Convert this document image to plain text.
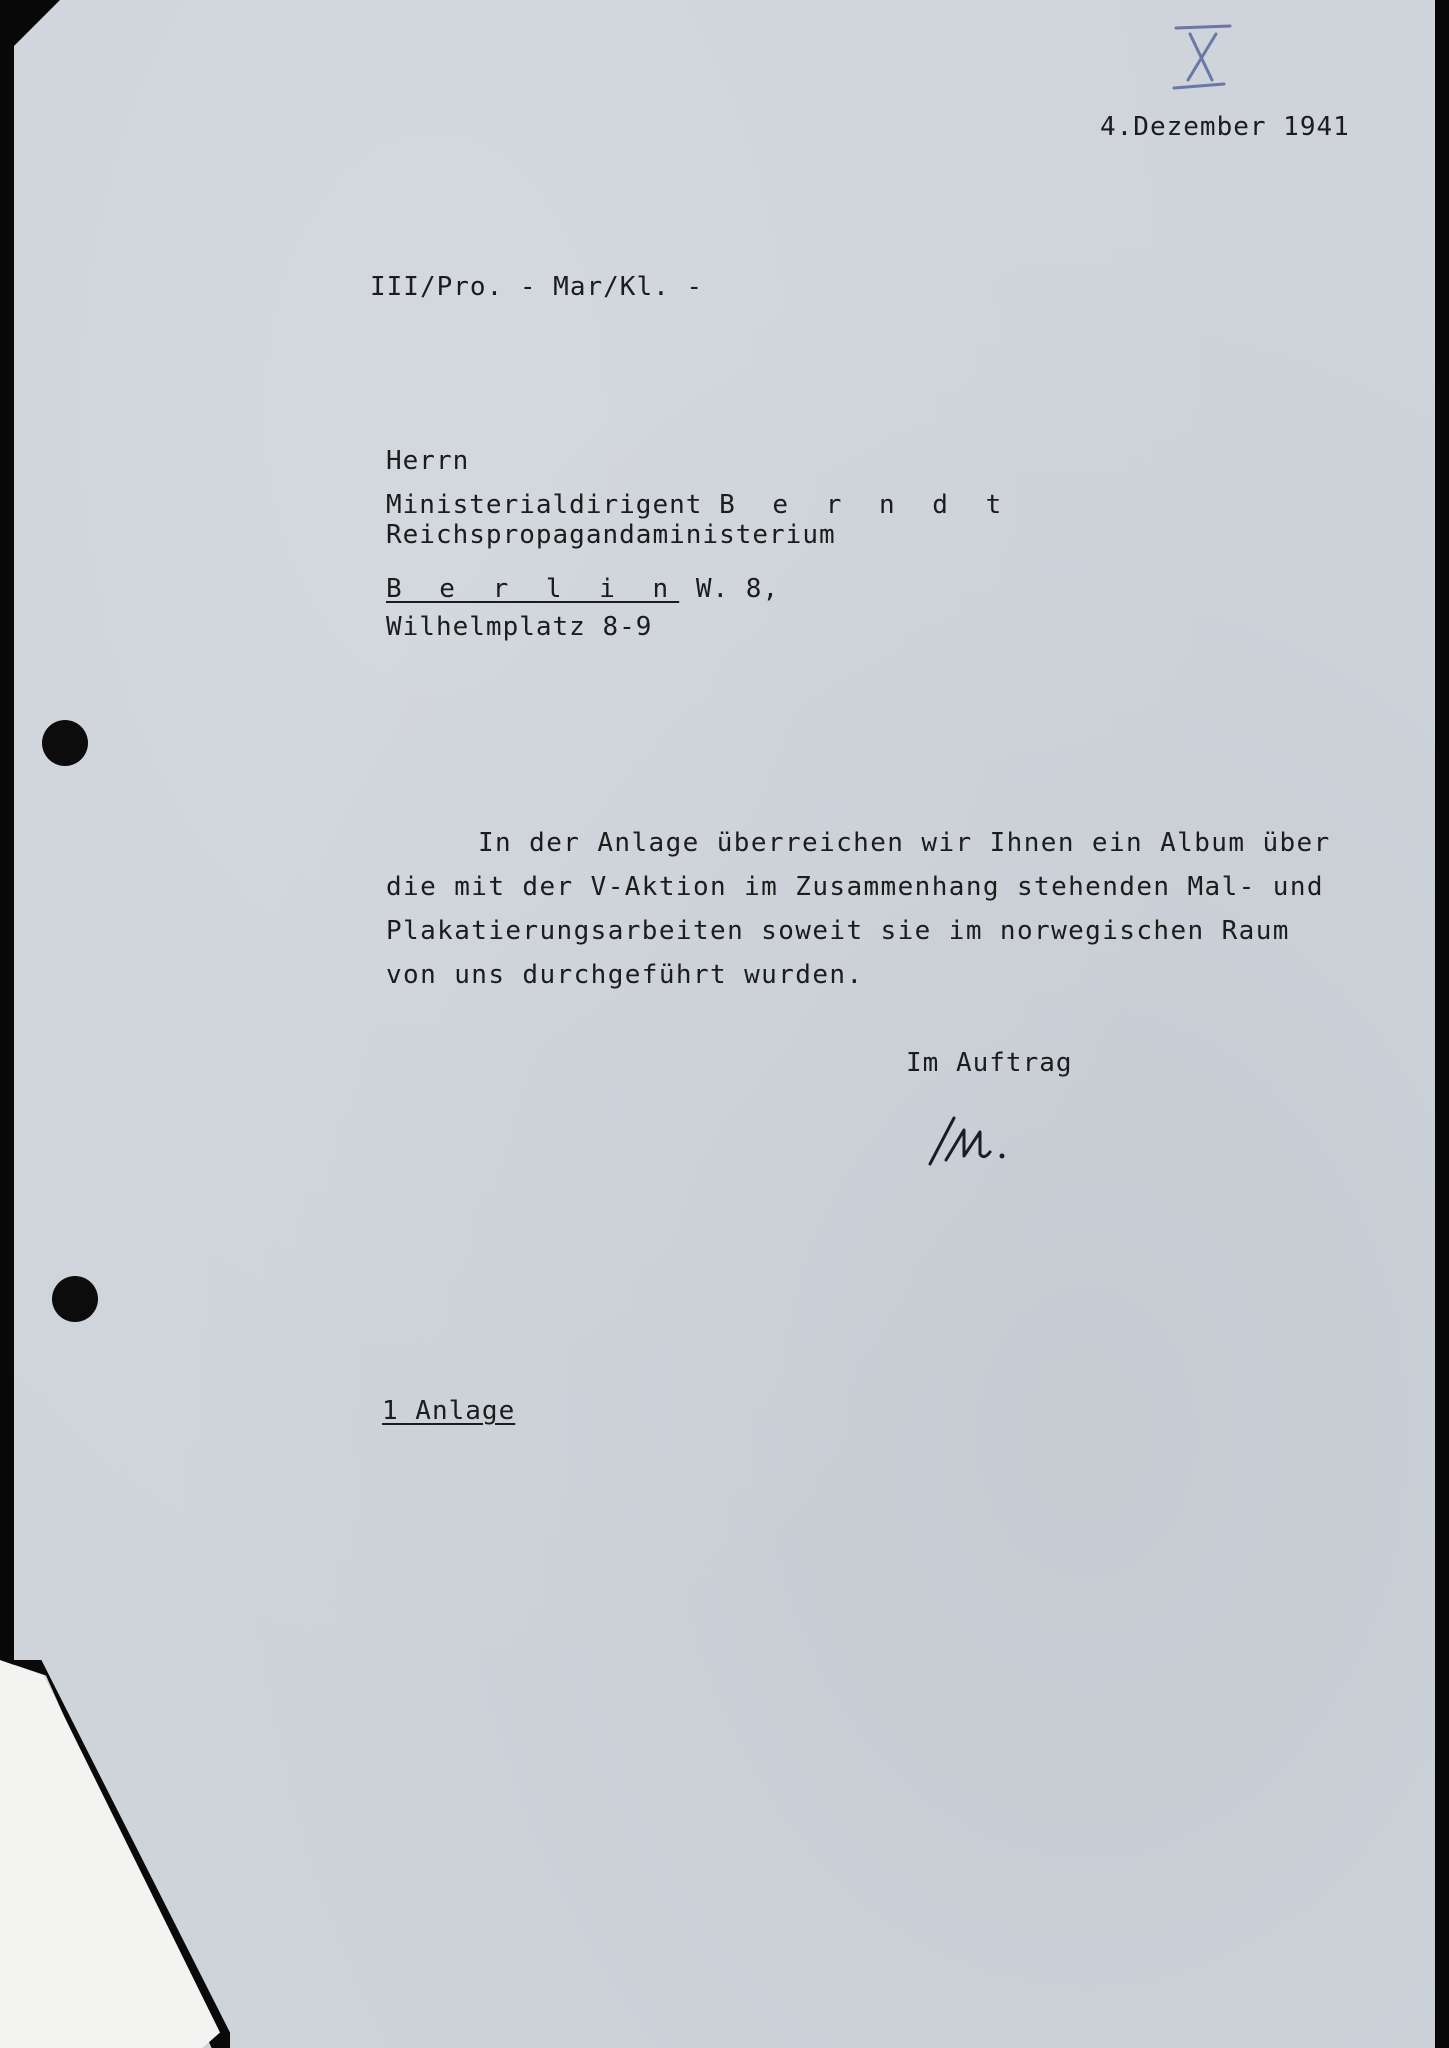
4.Dezember 1941
III/Pro. - Mar/Kl. -
Herrn
Ministerialdirigent B e r n d t
Reichspropagandaministerium
B e r l i n W. 8,
Wilhelmplatz 8-9
In der Anlage überreichen wir Ihnen ein Album über
die mit der V-Aktion im Zusammenhang stehenden Mal- und
Plakatierungsarbeiten soweit sie im norwegischen Raum
von uns durchgeführt wurden.
Im Auftrag
1 Anlage
